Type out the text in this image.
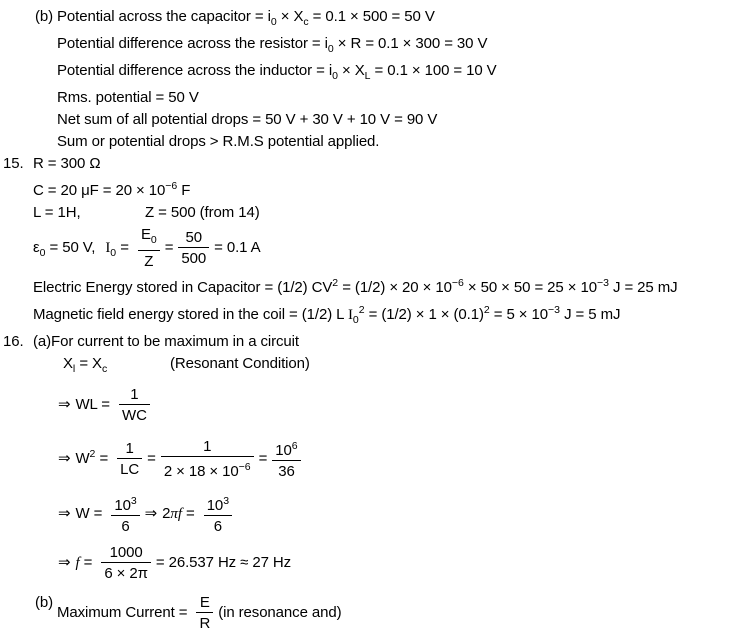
(b) Potential across the capacitor = $i_0 \times X_c = 0.1 \times 500 = 50$ V
Potential difference across the resistor = $i_0 \times R = 0.1 \times 300 = 30$ V
Potential difference across the inductor = $i_0 \times X_L = 0.1 \times 100 = 10$ V
Rms. potential = 50 V
Net sum of all potential drops = 50 V + 30 V + 10 V = 90 V
Sum or potential drops > R.M.S potential applied.
15. R = 300 Ω
C = 20 $\mu F = 20 \times 10^{-6}$ F
L = 1H,	Z = 500 (from 14)
$\varepsilon_0 = 50$ V, $I_0 = \frac{E_0}{Z} = \frac{50}{500} = 0.1$ A
Electric Energy stored in Capacitor = (1/2) $CV^2 = (1/2) \times 20 \times 10^{-6} \times 50 \times 50 = 25 \times 10^{-3}$ J = 25 mJ
Magnetic field energy stored in the coil = (1/2) L $I_0^2 = (1/2) \times 1 \times (0.1)^2 = 5 \times 10^{-3}$ J = 5 mJ
16. (a)For current to be maximum in a circuit
$X_l = X_c$	(Resonant Condition)
⇒ WL = $\frac{1}{WC}$
⇒ $W^2 = \frac{1}{LC} = \frac{1}{2 \times 18 \times 10^{-6}} = \frac{10^6}{36}$
⇒ $W = \frac{10^3}{6}$ ⇒ $2\pi f = \frac{10^3}{6}$
⇒ $f = \frac{1000}{6 \times 2\pi} = 26.537$ Hz ≈ 27 Hz
(b)
Maximum Current = $\frac{E}{R} (in$ resonance and)
